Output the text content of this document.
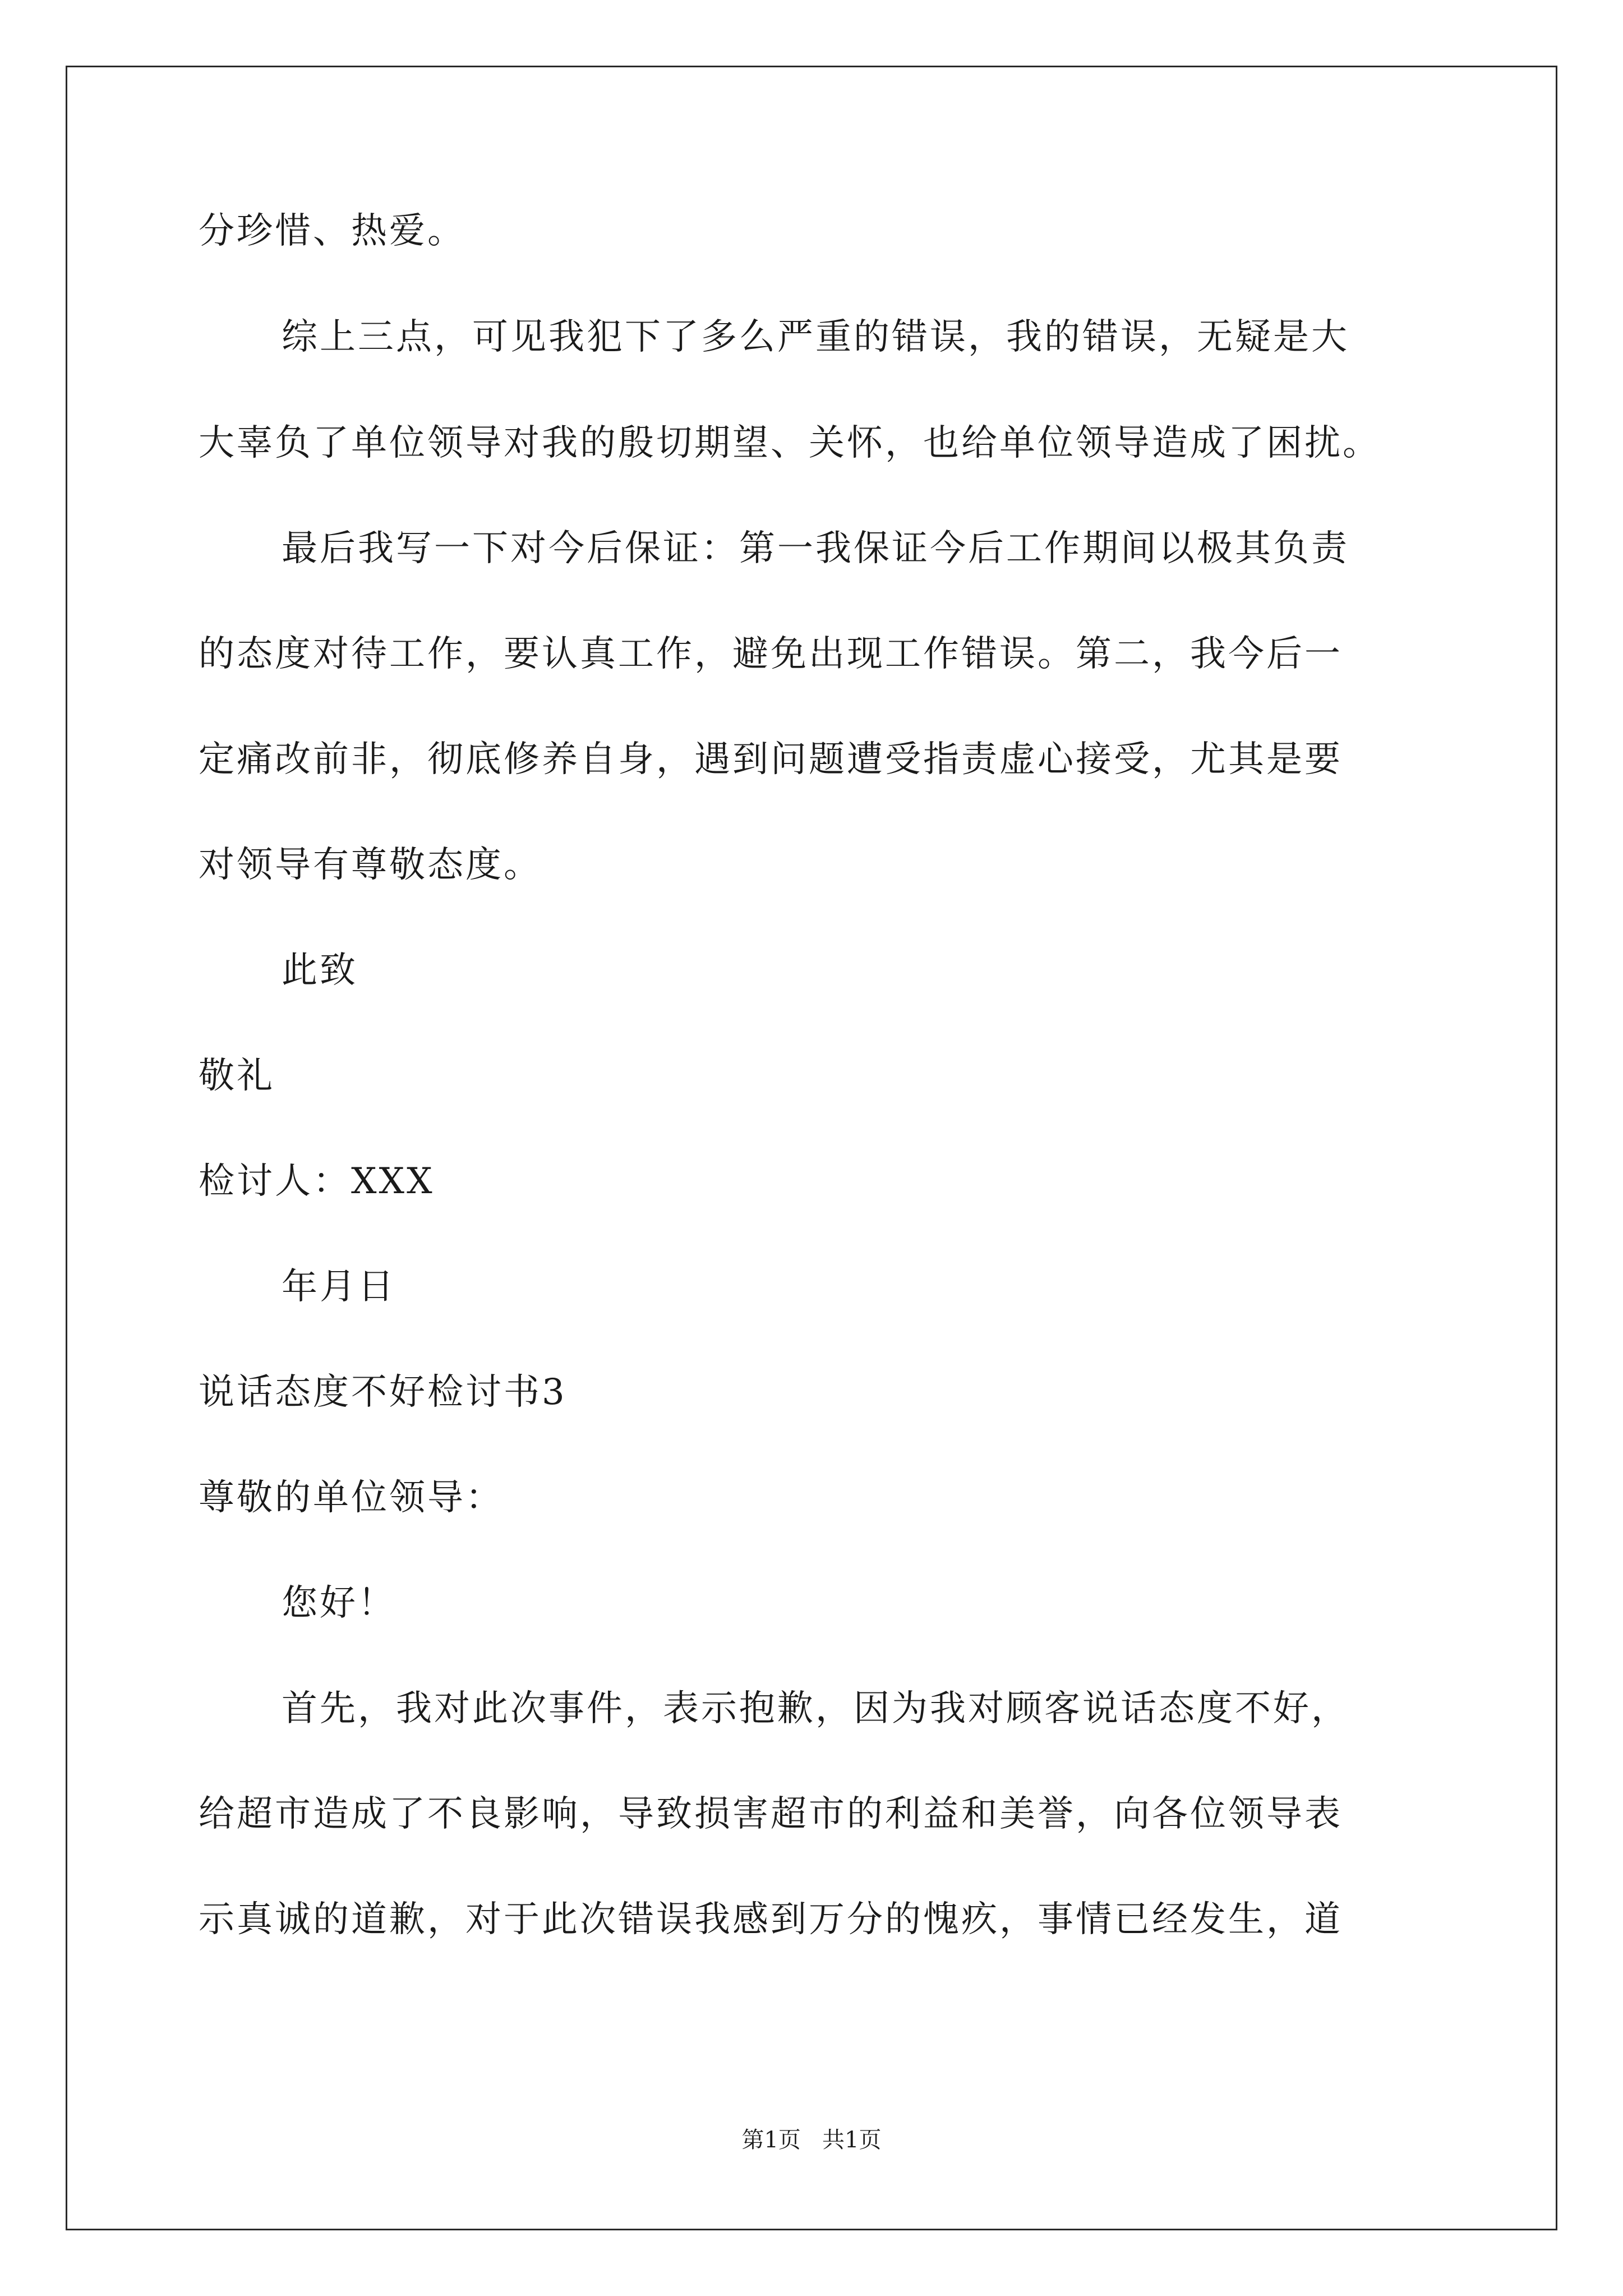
分珍惜、热爱。

综上三点，可见我犯下了多么严重的错误，我的错误，无疑是大

大辜负了单位领导对我的殷切期望、关怀，也给单位领导造成了困扰。

最后我写一下对今后保证：第一我保证今后工作期间以极其负责

的态度对待工作，要认真工作，避免出现工作错误。第二，我今后一

定痛改前非，彻底修养自身，遇到问题遭受指责虚心接受，尤其是要

对领导有尊敬态度。

此致

敬礼

检讨人：XXX

年月日

说话态度不好检讨书3

尊敬的单位领导：

您好！

首先，我对此次事件，表示抱歉，因为我对顾客说话态度不好，

给超市造成了不良影响，导致损害超市的利益和美誉，向各位领导表

示真诚的道歉，对于此次错误我感到万分的愧疚，事情已经发生，道

第1页   共1页
